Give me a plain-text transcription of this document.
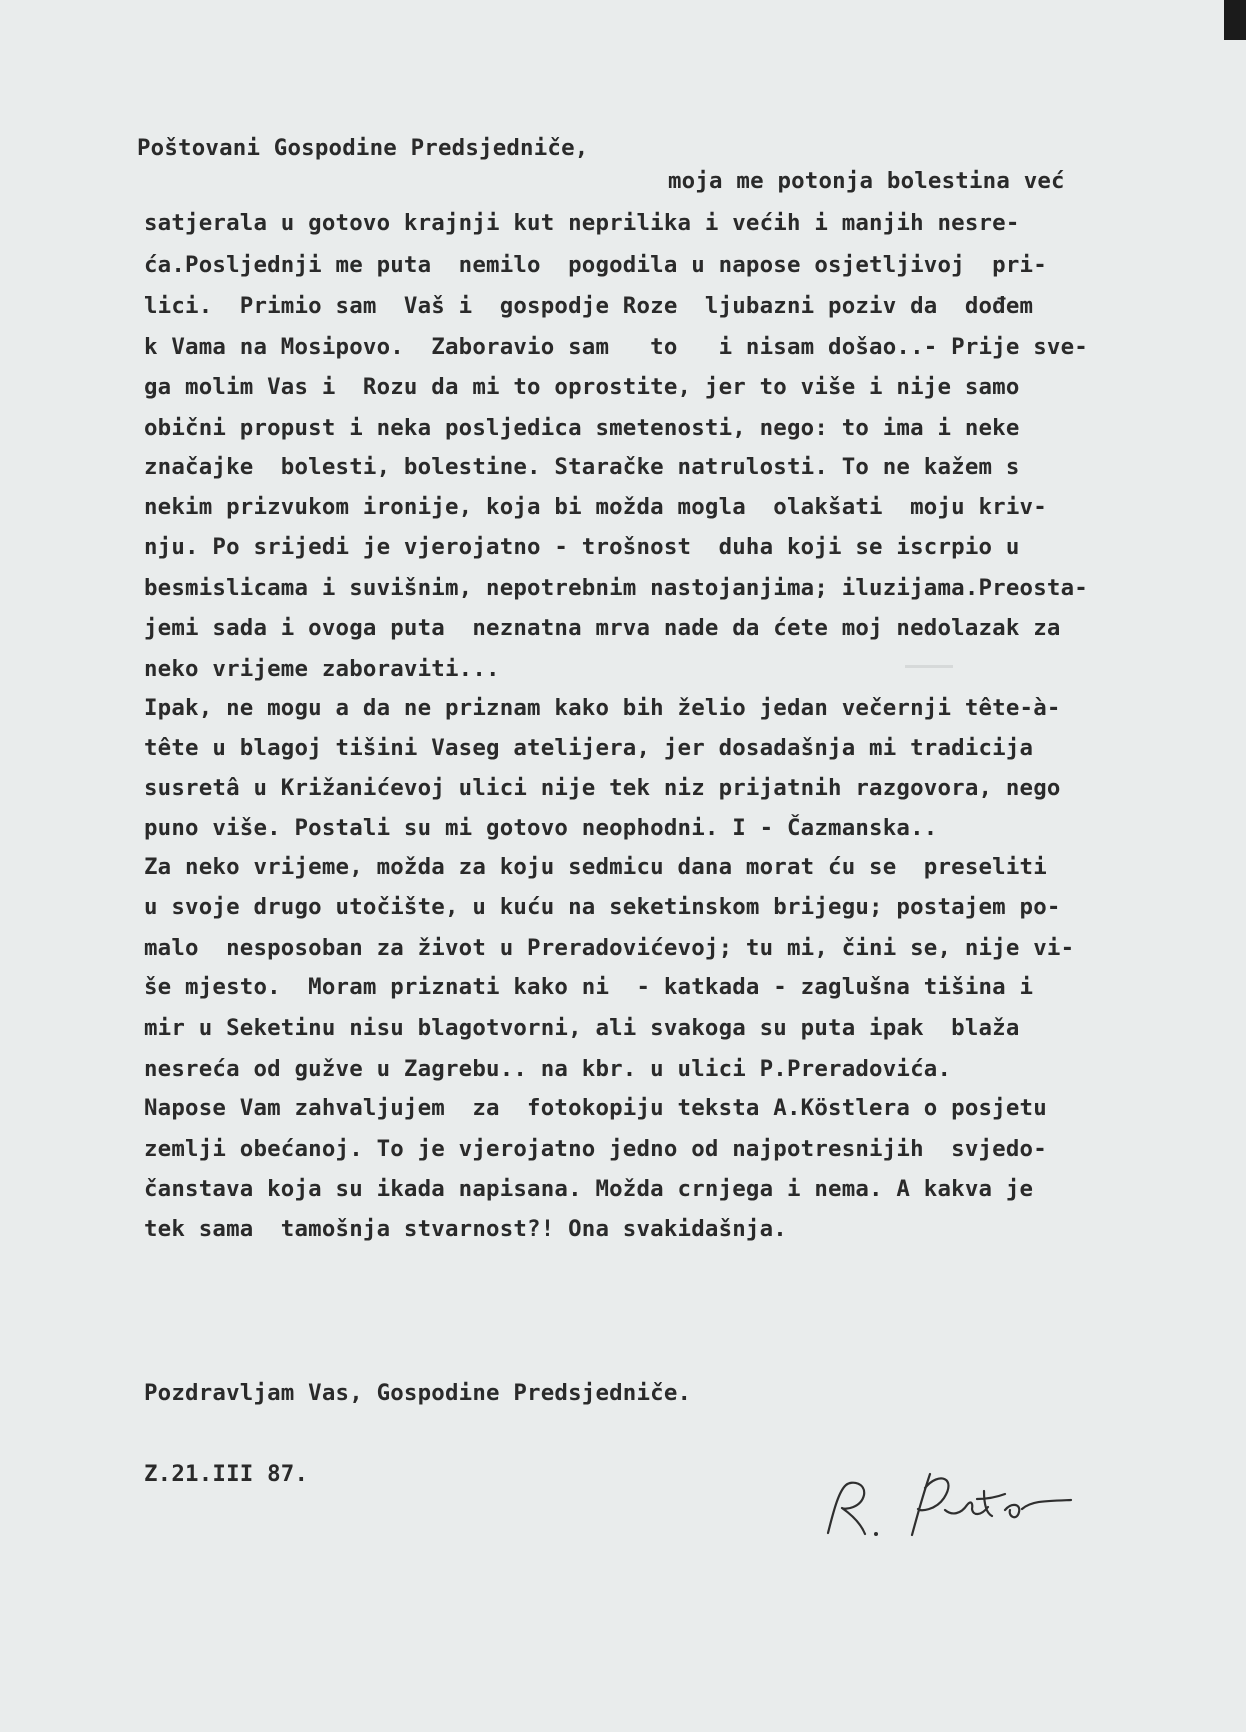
Poštovani Gospodine Predsjedniče,
moja me potonja bolestina već
satjerala u gotovo krajnji kut neprilika i većih i manjih nesre-
ća.Posljednji me puta  nemilo  pogodila u napose osjetljivoj  pri-
lici.  Primio sam  Vaš i  gospodje Roze  ljubazni poziv da  dođem
k Vama na Mosipovo.  Zaboravio sam   to   i nisam došao..- Prije sve-
ga molim Vas i  Rozu da mi to oprostite, jer to više i nije samo
obični propust i neka posljedica smetenosti, nego: to ima i neke
značajke  bolesti, bolestine. Staračke natrulosti. To ne kažem s
nekim prizvukom ironije, koja bi možda mogla  olakšati  moju kriv-
nju. Po srijedi je vjerojatno - trošnost  duha koji se iscrpio u
besmislicama i suvišnim, nepotrebnim nastojanjima; iluzijama.Preosta-
jemi sada i ovoga puta  neznatna mrva nade da ćete moj nedolazak za
neko vrijeme zaboraviti...
Ipak, ne mogu a da ne priznam kako bih želio jedan večernji tête-à-
tête u blagoj tišini Vaseg atelijera, jer dosadašnja mi tradicija
susretâ u Križanićevoj ulici nije tek niz prijatnih razgovora, nego
puno više. Postali su mi gotovo neophodni. I - Čazmanska..
Za neko vrijeme, možda za koju sedmicu dana morat ću se  preseliti
u svoje drugo utočište, u kuću na seketinskom brijegu; postajem po-
malo  nesposoban za život u Preradovićevoj; tu mi, čini se, nije vi-
še mjesto.  Moram priznati kako ni  - katkada - zaglušna tišina i
mir u Seketinu nisu blagotvorni, ali svakoga su puta ipak  blaža
nesreća od gužve u Zagrebu.. na kbr. u ulici P.Preradovića.
Napose Vam zahvaljujem  za  fotokopiju teksta A.Köstlera o posjetu
zemlji obećanoj. To je vjerojatno jedno od najpotresnijih  svjedo-
čanstava koja su ikada napisana. Možda crnjega i nema. A kakva je
tek sama  tamošnja stvarnost?! Ona svakidašnja.
Pozdravljam Vas, Gospodine Predsjedniče.
Z.21.III 87.
